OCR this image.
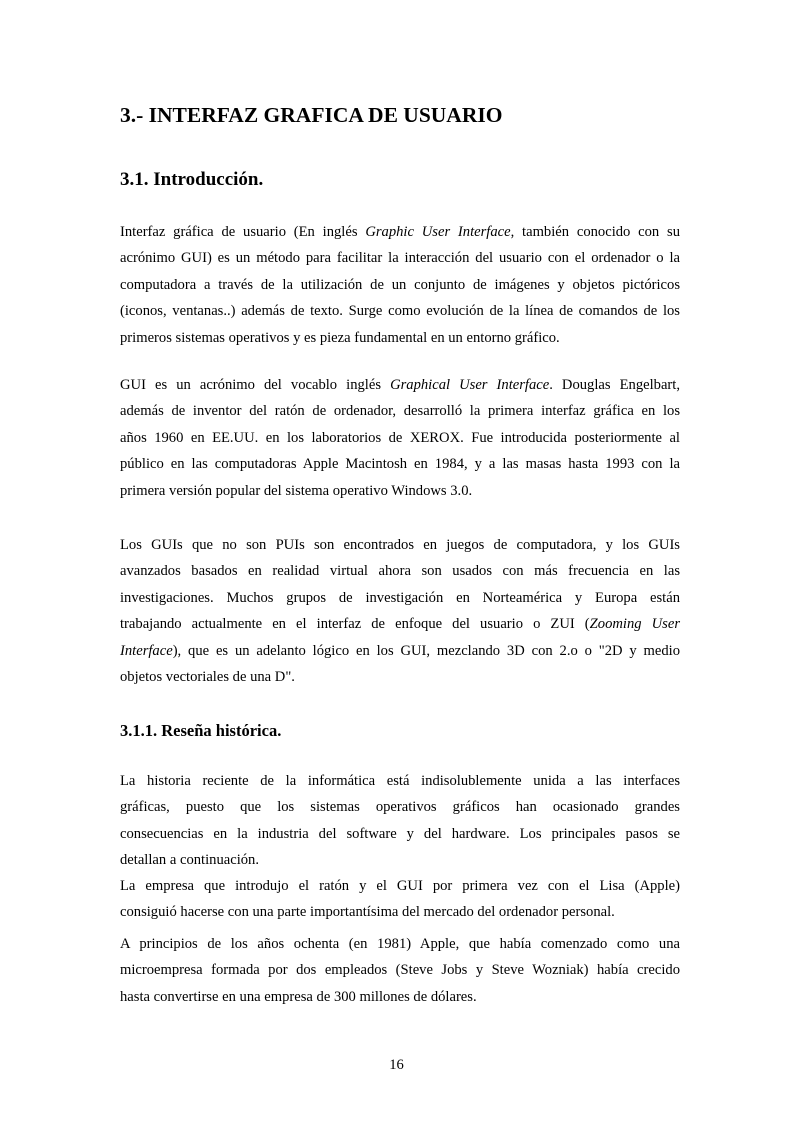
3.- INTERFAZ GRAFICA DE USUARIO
3.1. Introducción.
Interfaz gráfica de usuario (En inglés Graphic User Interface, también conocido con su
acrónimo GUI) es un método para facilitar la interacción del usuario con el ordenador o la
computadora a través de la utilización de un conjunto de imágenes y objetos pictóricos
(iconos, ventanas..) además de texto. Surge como evolución de la línea de comandos de los
primeros sistemas operativos y es pieza fundamental en un entorno gráfico.
GUI es un acrónimo del vocablo inglés Graphical User Interface. Douglas Engelbart,
además de inventor del ratón de ordenador, desarrolló la primera interfaz gráfica en los
años 1960 en EE.UU. en los laboratorios de XEROX. Fue introducida posteriormente al
público en las computadoras Apple Macintosh en 1984, y a las masas hasta 1993 con la
primera versión popular del sistema operativo Windows 3.0.
Los GUIs que no son PUIs son encontrados en juegos de computadora, y los GUIs
avanzados basados en realidad virtual ahora son usados con más frecuencia en las
investigaciones. Muchos grupos de investigación en Norteamérica y Europa están
trabajando actualmente en el interfaz de enfoque del usuario o ZUI (Zooming User
Interface), que es un adelanto lógico en los GUI, mezclando 3D con 2.o o "2D y medio
objetos vectoriales de una D".
3.1.1. Reseña histórica.
La historia reciente de la informática está indisolublemente unida a las interfaces
gráficas, puesto que los sistemas operativos gráficos han ocasionado grandes
consecuencias en la industria del software y del hardware. Los principales pasos se
detallan a continuación.
La empresa que introdujo el ratón y el GUI por primera vez con el Lisa (Apple)
consiguió hacerse con una parte importantísima del mercado del ordenador personal.
A principios de los años ochenta (en 1981) Apple, que había comenzado como una
microempresa formada por dos empleados (Steve Jobs y Steve Wozniak) había crecido
hasta convertirse en una empresa de 300 millones de dólares.
16
